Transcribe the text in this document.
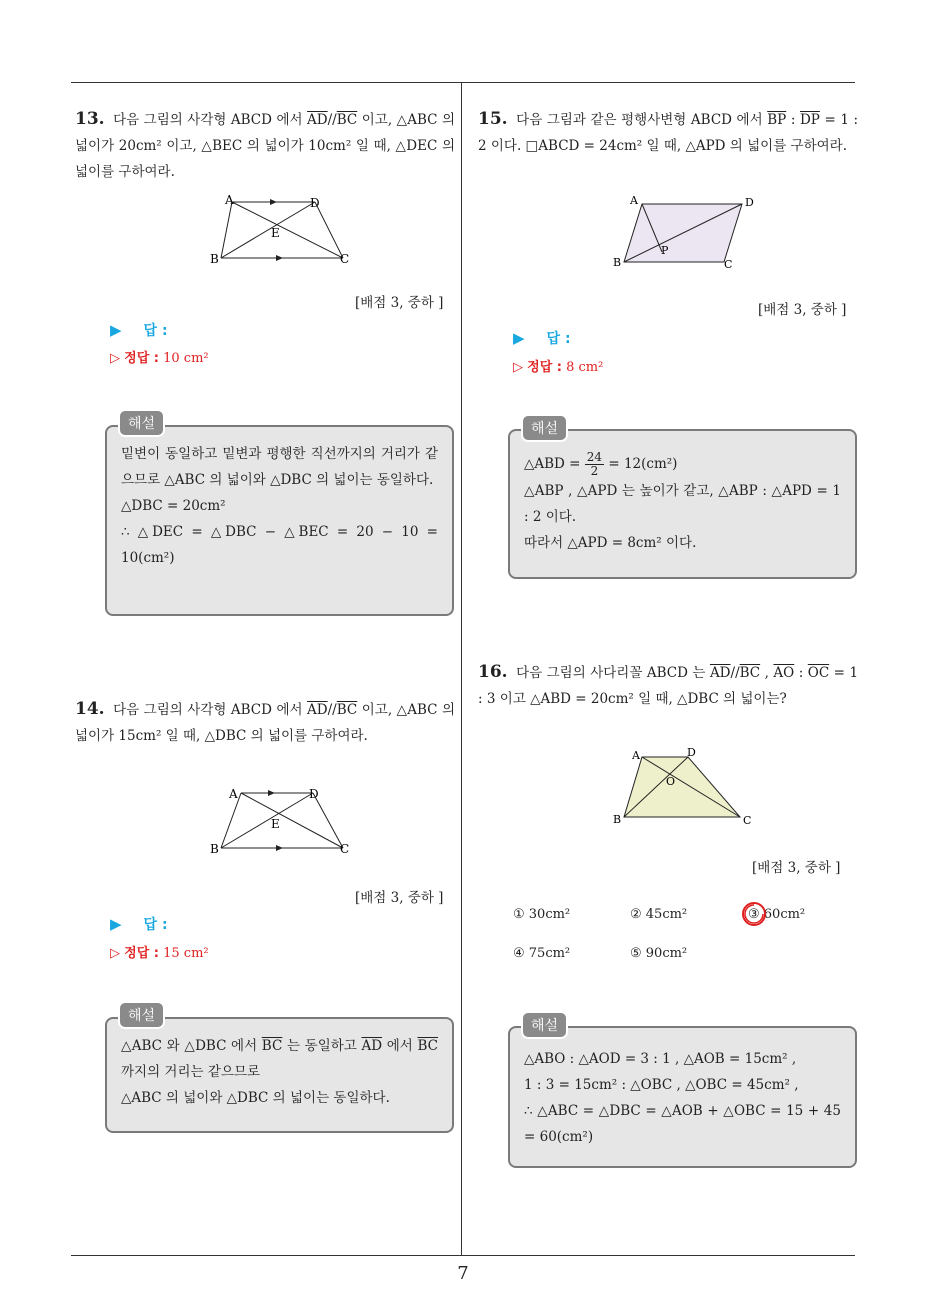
13. 다음 그림의 사각형 ABCD 에서 $\overline{AD}//\overline{BC}$ 이고, △ABC 의 넓이가 20cm² 이고, △BEC 의 넓이가 10cm² 일 때, △DEC 의 넓이를 구하여라.
A	D
B	C
E
[배점 3, 중하 ]
▶ 답 :
▷ 정답 : 10 cm²
밑변이 동일하고 밑변과 평행한 직선까지의 거리가 같으므로 △ABC 의 넓이와 △DBC 의 넓이는 동일하다.
△DBC = 20cm²
∴ △DEC = △DBC − △BEC = 20 − 10 = 10(cm²)
해설
14. 다음 그림의 사각형 ABCD 에서 $\overline{AD}//\overline{BC}$ 이고, △ABC 의 넓이가 15cm² 일 때, △DBC 의 넓이를 구하여라.
A	D
B	C
E
[배점 3, 중하 ]
▶ 답 :
▷ 정답 : 15 cm²
△ABC 와 △DBC 에서 $\overline{BC}$ 는 동일하고 $\overline{AD}$ 에서 $\overline{BC}$ 까지의 거리는 같으므로
△ABC 의 넓이와 △DBC 의 넓이는 동일하다.
해설
15. 다음 그림과 같은 평행사변형 ABCD 에서 $\overline{BP}$ : $\overline{DP} = 1$ : 2 이다. □ABCD = 24cm² 일 때, △APD 의 넓이를 구하여라.
A	D
B	C
P
[배점 3, 중하 ]
▶ 답 :
▷ 정답 : 8 cm²
△ABD = $\frac{24}{2} = 12(cm^2)$
△ABP , △APD 는 높이가 같고, △ABP : △APD = 1 : 2 이다.
따라서 △APD = 8cm² 이다.
해설
16. 다음 그림의 사다리꼴 ABCD 는 $\overline{AD}//\overline{BC}$ , $\overline{AO}$ : $\overline{OC} = 1$ : 3 이고 △ABD = 20cm² 일 때, △DBC 의 넓이는?
A	D
B	C
O
[배점 3, 중하 ]
① 30cm²	② 45cm²	③ 60cm²
④ 75cm²	⑤ 90cm²
△ABO : △AOD = 3 : 1 , △AOB = 15cm² ,
1 : 3 = 15cm² : △OBC , △OBC = 45cm² ,
∴ △ABC = △DBC = △AOB + △OBC = 15 + 45 = 60(cm²)
해설
7
